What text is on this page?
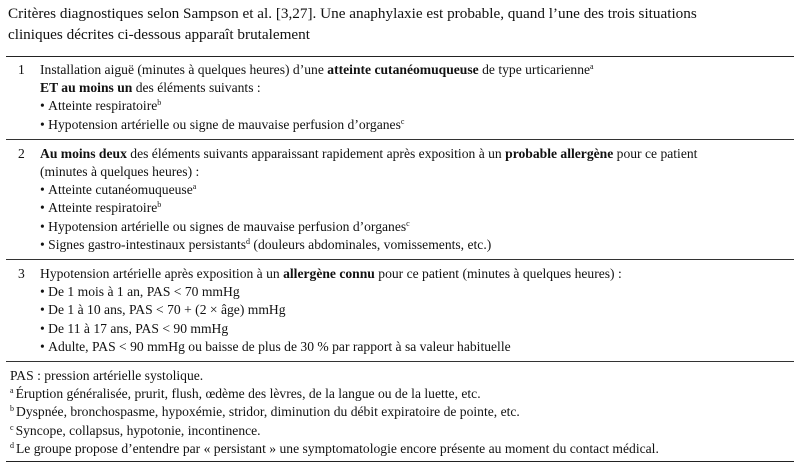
Critères diagnostiques selon Sampson et al. [3,27]. Une anaphylaxie est probable, quand l’une des trois situations
cliniques décrites ci-dessous apparaît brutalement
1	Installation aiguë (minutes à quelques heures) d’une atteinte cutanéomuqueuse de type urticarienne$^a$
ET au moins un des éléments suivants :
• Atteinte respiratoire$^b$
• Hypotension artérielle ou signe de mauvaise perfusion d’organes$^c$
2	Au moins deux des éléments suivants apparaissant rapidement après exposition à un probable allergène pour ce patient
(minutes à quelques heures) :
• Atteinte cutanéomuqueuse$^a$
• Atteinte respiratoire$^b$
• Hypotension artérielle ou signes de mauvaise perfusion d’organes$^c$
• Signes gastro-intestinaux persistants$^d$ (douleurs abdominales, vomissements, etc.)
3	Hypotension artérielle après exposition à un allergène connu pour ce patient (minutes à quelques heures) :
• De 1 mois à 1 an, PAS < 70 mmHg
• De 1 à 10 ans, PAS < 70 + (2 × âge) mmHg
• De 11 à 17 ans, PAS < 90 mmHg
• Adulte, PAS < 90 mmHg ou baisse de plus de 30 % par rapport à sa valeur habituelle
PAS : pression artérielle systolique.
$^a$ Éruption généralisée, prurit, flush, œdème des lèvres, de la langue ou de la luette, etc.
$^b$ Dyspnée, bronchospasme, hypoxémie, stridor, diminution du débit expiratoire de pointe, etc.
$^c$ Syncope, collapsus, hypotonie, incontinence.
$^d$ Le groupe propose d’entendre par « persistant » une symptomatologie encore présente au moment du contact médical.
